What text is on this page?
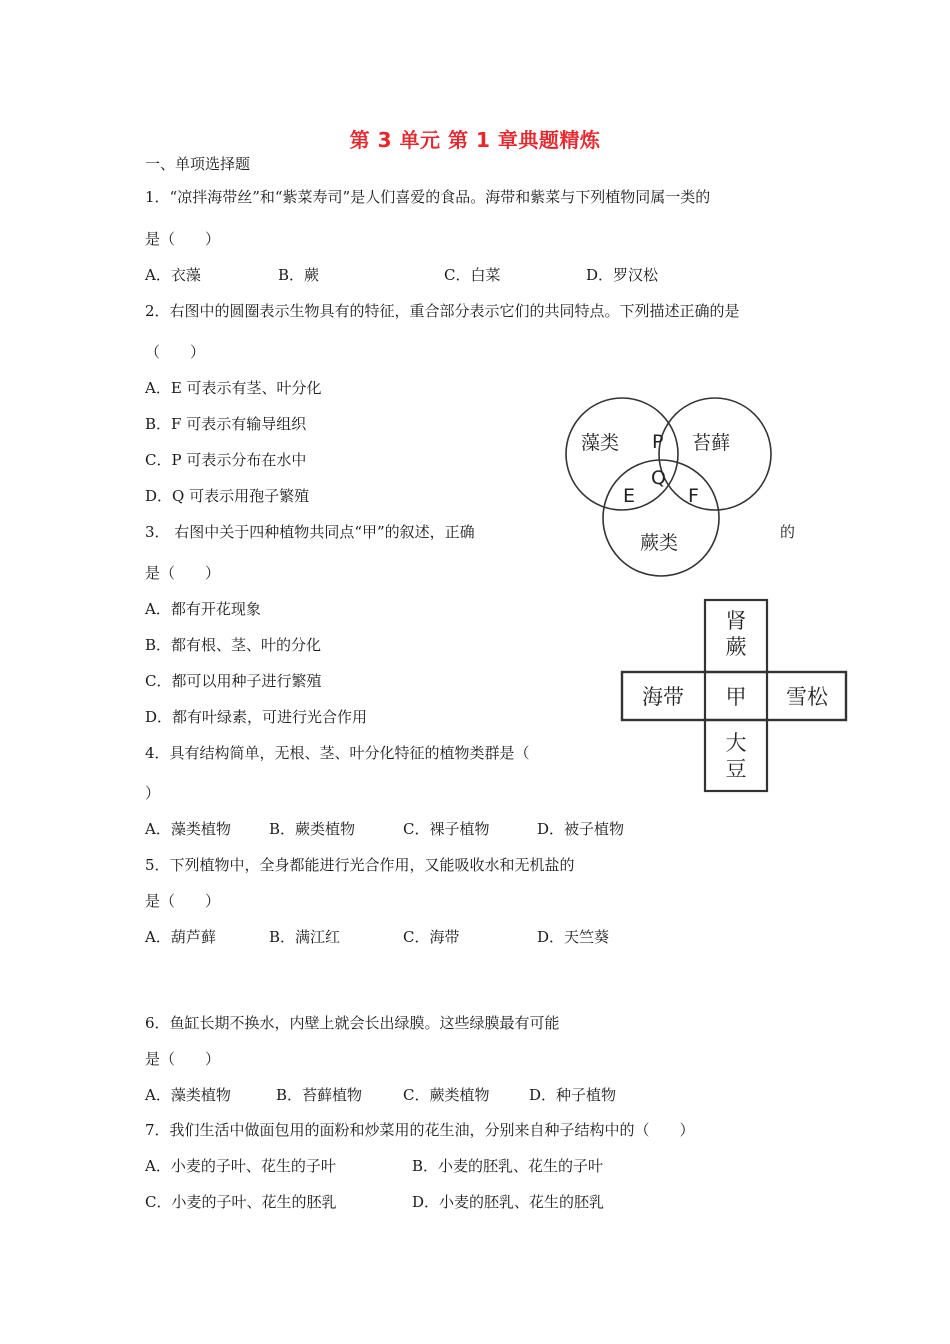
第 3 单元 第 1 章典题精炼
一、单项选择题
1．“凉拌海带丝”和“紫菜寿司”是人们喜爱的食品。海带和紫菜与下列植物同属一类的
是（　　）
A．衣藻	B．蕨	C．白菜	D．罗汉松
2．右图中的圆圈表示生物具有的特征，重合部分表示它们的共同特点。下列描述正确的是
（　　）
A．E 可表示有茎、叶分化
B．F 可表示有输导组织
C．P 可表示分布在水中
D．Q 可表示用孢子繁殖
藻类	苔藓
蕨类
P
Q
E	F
3． 右图中关于四种植物共同点“甲”的叙述，正确	的
是（　　）
A．都有开花现象
B．都有根、茎、叶的分化
C．都可以用种子进行繁殖
D．都有叶绿素，可进行光合作用
肾
蕨
海带 甲 雪松
大
豆
4．具有结构简单，无根、茎、叶分化特征的植物类群是（
）
A．藻类植物	B．蕨类植物	C．裸子植物	D．被子植物
5．下列植物中，全身都能进行光合作用，又能吸收水和无机盐的
是（　　）
A．葫芦藓	B．满江红	C．海带	D．天竺葵
6．鱼缸长期不换水，内壁上就会长出绿膜。这些绿膜最有可能
是（　　）
A．藻类植物	B．苔藓植物	C．蕨类植物	D．种子植物
7．我们生活中做面包用的面粉和炒菜用的花生油，分别来自种子结构中的（　　）
A．小麦的子叶、花生的子叶	B．小麦的胚乳、花生的子叶
C．小麦的子叶、花生的胚乳	D．小麦的胚乳、花生的胚乳
